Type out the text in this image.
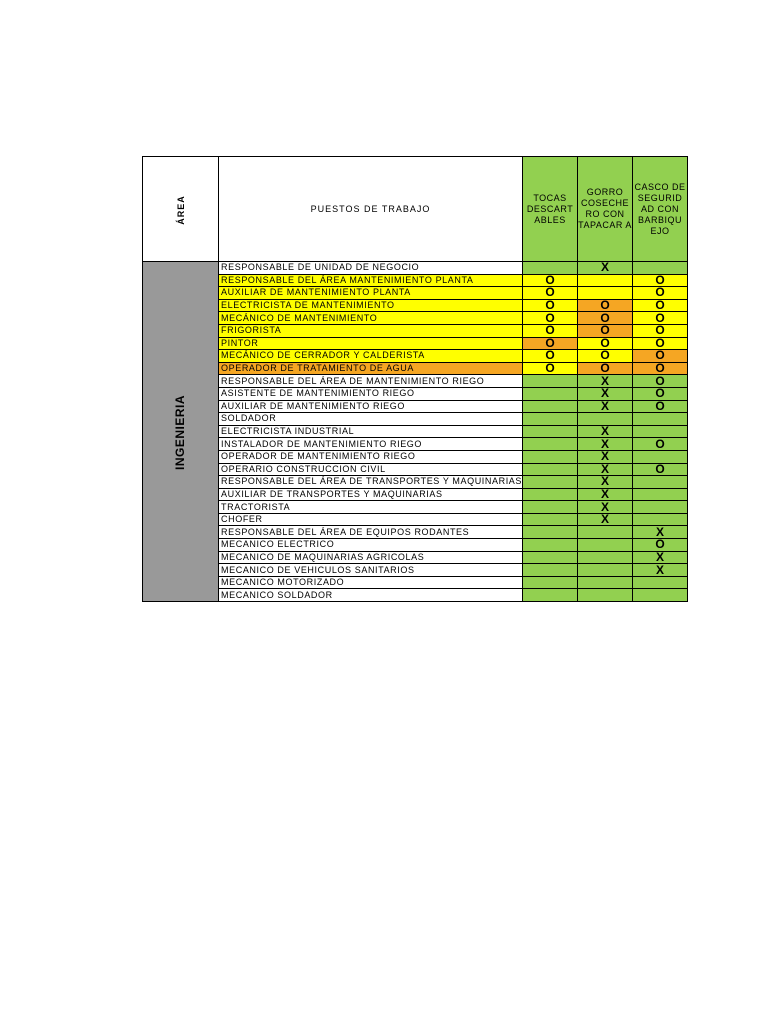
ÁREA	PUESTOS DE TRABAJO	TOCAS DESCART ABLES	GORRO COSECHE RO CON TAPACAR A	CASCO DE SEGURID AD CON BARBIQU EJO
INGENIERIA	RESPONSABLE DE UNIDAD DE NEGOCIO		X	
	RESPONSABLE DEL ÁREA MANTENIMIENTO PLANTA	O		O
	AUXILIAR DE MANTENIMIENTO PLANTA	O		O
	ELECTRICISTA DE MANTENIMIENTO	O	O	O
	MECÁNICO DE MANTENIMIENTO	O	O	O
	FRIGORISTA	O	O	O
	PINTOR	O	O	O
	MECÁNICO DE CERRADOR Y CALDERISTA	O	O	O
	OPERADOR DE TRATAMIENTO DE AGUA	O	O	O
	RESPONSABLE DEL ÁREA DE MANTENIMIENTO RIEGO		X	O
	ASISTENTE DE MANTENIMIENTO RIEGO		X	O
	AUXILIAR DE MANTENIMIENTO RIEGO		X	O
	SOLDADOR			
	ELECTRICISTA INDUSTRIAL		X	
	INSTALADOR DE MANTENIMIENTO RIEGO		X	O
	OPERADOR DE MANTENIMIENTO RIEGO		X	
	OPERARIO CONSTRUCCION CIVIL		X	O
	RESPONSABLE DEL ÁREA DE TRANSPORTES Y MAQUINARIAS		X	
	AUXILIAR DE TRANSPORTES Y MAQUINARIAS		X	
	TRACTORISTA		X	
	CHOFER		X	
	RESPONSABLE DEL ÁREA DE EQUIPOS RODANTES			X
	MECANICO ELECTRICO			O
	MECANICO DE MAQUINARIAS AGRICOLAS			X
	MECANICO DE VEHICULOS SANITARIOS			X
	MECANICO MOTORIZADO			
	MECANICO SOLDADOR			
